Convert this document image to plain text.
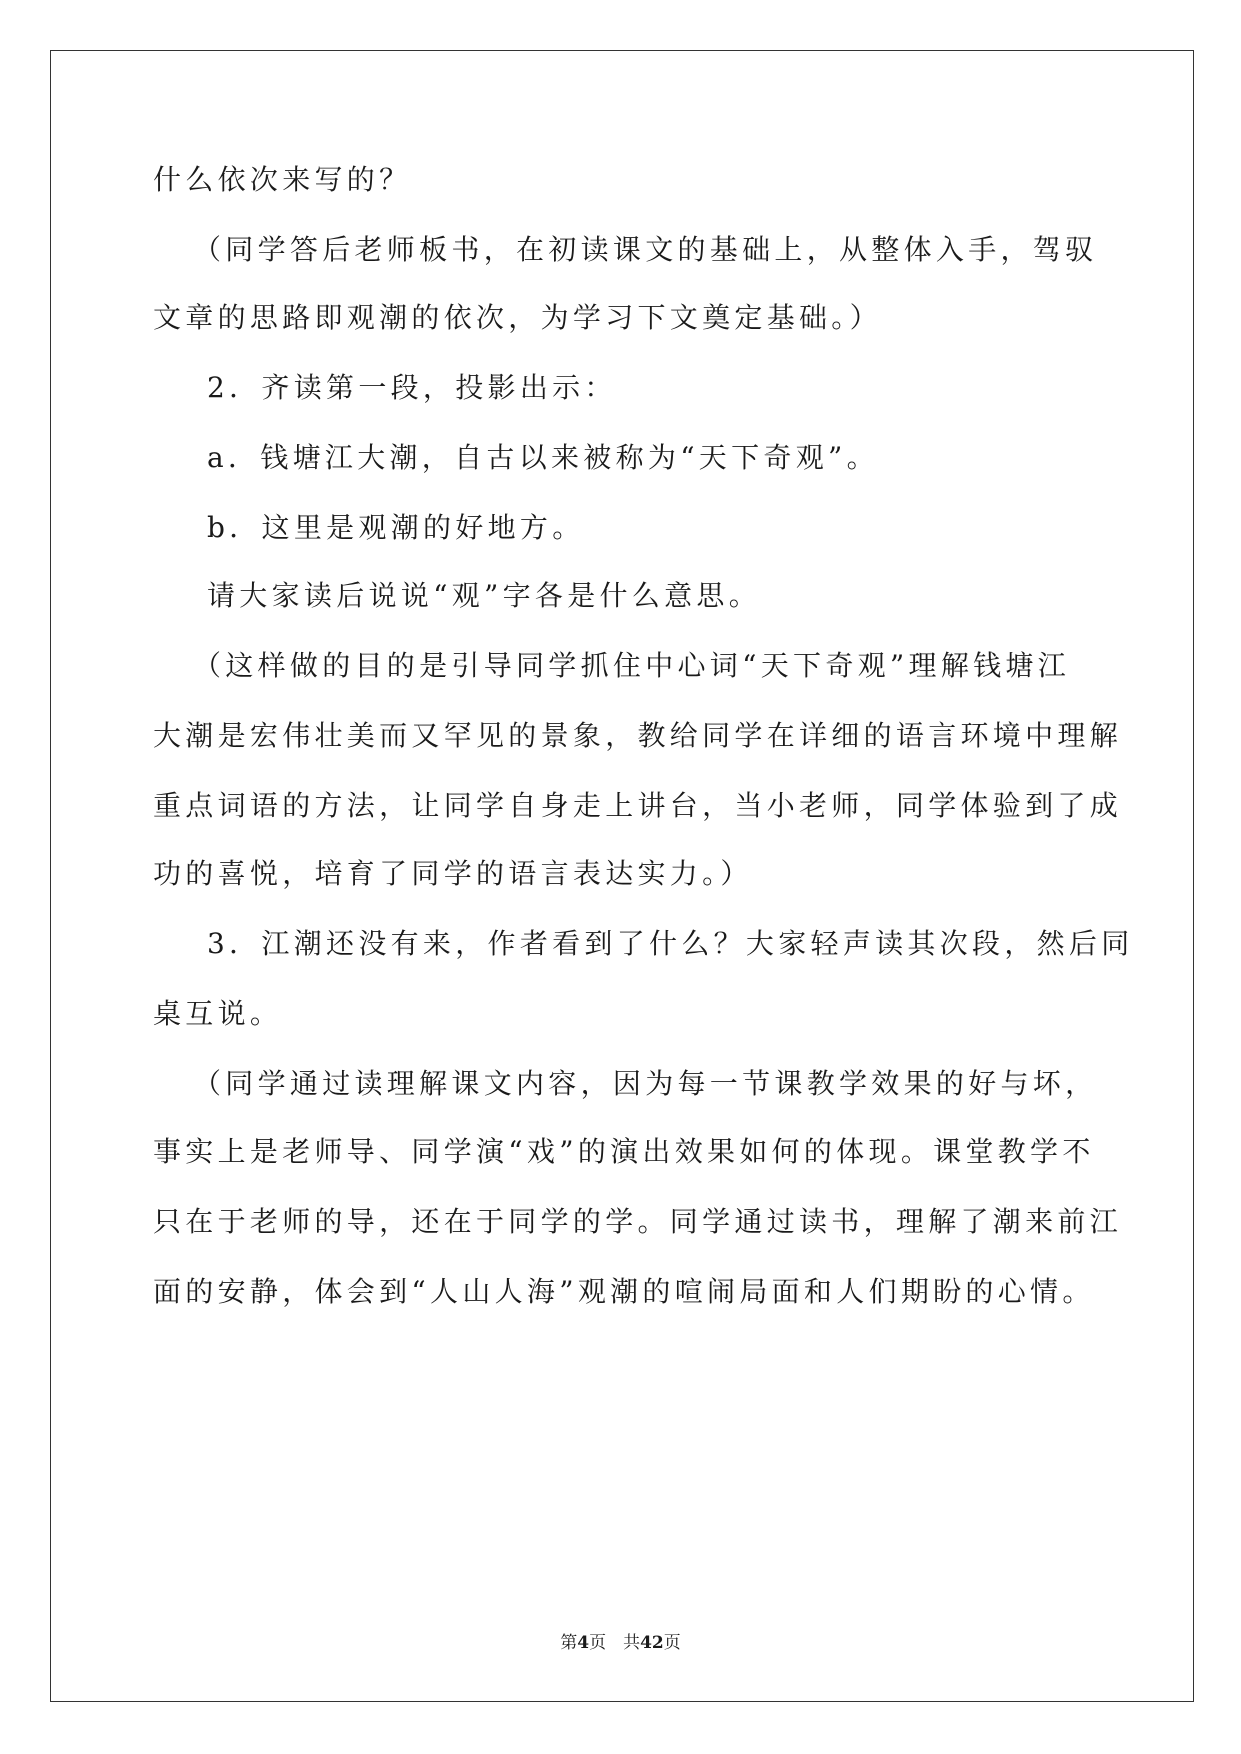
什么依次来写的？
（同学答后老师板书，在初读课文的基础上，从整体入手，驾驭
文章的思路即观潮的依次，为学习下文奠定基础。）
2．齐读第一段，投影出示：
a．钱塘江大潮，自古以来被称为“天下奇观”。
b．这里是观潮的好地方。
请大家读后说说“观”字各是什么意思。
（这样做的目的是引导同学抓住中心词“天下奇观”理解钱塘江
大潮是宏伟壮美而又罕见的景象，教给同学在详细的语言环境中理解
重点词语的方法，让同学自身走上讲台，当小老师，同学体验到了成
功的喜悦，培育了同学的语言表达实力。）
3．江潮还没有来，作者看到了什么？大家轻声读其次段，然后同
桌互说。
（同学通过读理解课文内容，因为每一节课教学效果的好与坏，
事实上是老师导、同学演“戏”的演出效果如何的体现。课堂教学不
只在于老师的导，还在于同学的学。同学通过读书，理解了潮来前江
面的安静，体会到“人山人海”观潮的喧闹局面和人们期盼的心情。
第4页　共42页
